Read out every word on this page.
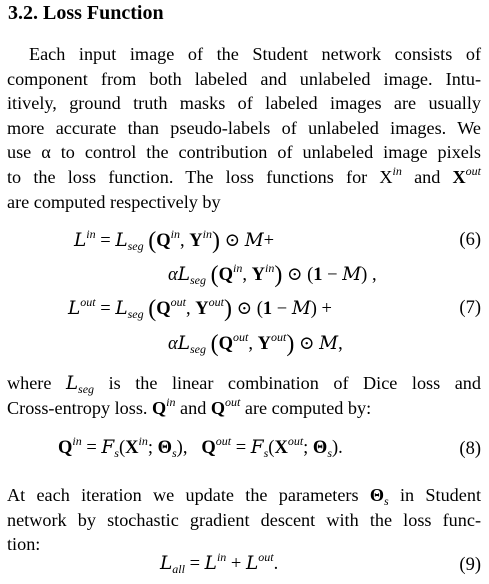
3.2. Loss Function
Each input image of the Student network consists of
component from both labeled and unlabeled image. Intu-
itively, ground truth masks of labeled images are usually
more accurate than pseudo-labels of unlabeled images. We
use α to control the contribution of unlabeled image pixels
to the loss function. The loss functions for $X^{in}$ and $X^{out}$
are computed respectively by
$L^{in} = L_{seg}$ ($Q^{in}$, $Y^{in}$) ⊙ M+	(6)
$\alpha L_{seg}$ ($Q^{in}$, $Y^{in}$) ⊙ (1 − M) ,
$L^{out} = L_{seg}$ ($Q^{out}$, $Y^{out}$) ⊙ (1 − M) +	(7)
$\alpha L_{seg}$ ($Q^{out}$, $Y^{out}$) ⊙ M,
where $L_{seg}$ is the linear combination of Dice loss and
Cross-entropy loss. $Q^{in}$ and $Q^{out}$ are computed by:
$Q^{in} = F_s(X^{in}$; $\Theta_s$),   $Q^{out} = F_s(X^{out}$; $\Theta_s$).	(8)
At each iteration we update the parameters $\Theta_s$ in Student
network by stochastic gradient descent with the loss func-
tion:
$L_{all} = L^{in} + L^{out}$.	(9)
